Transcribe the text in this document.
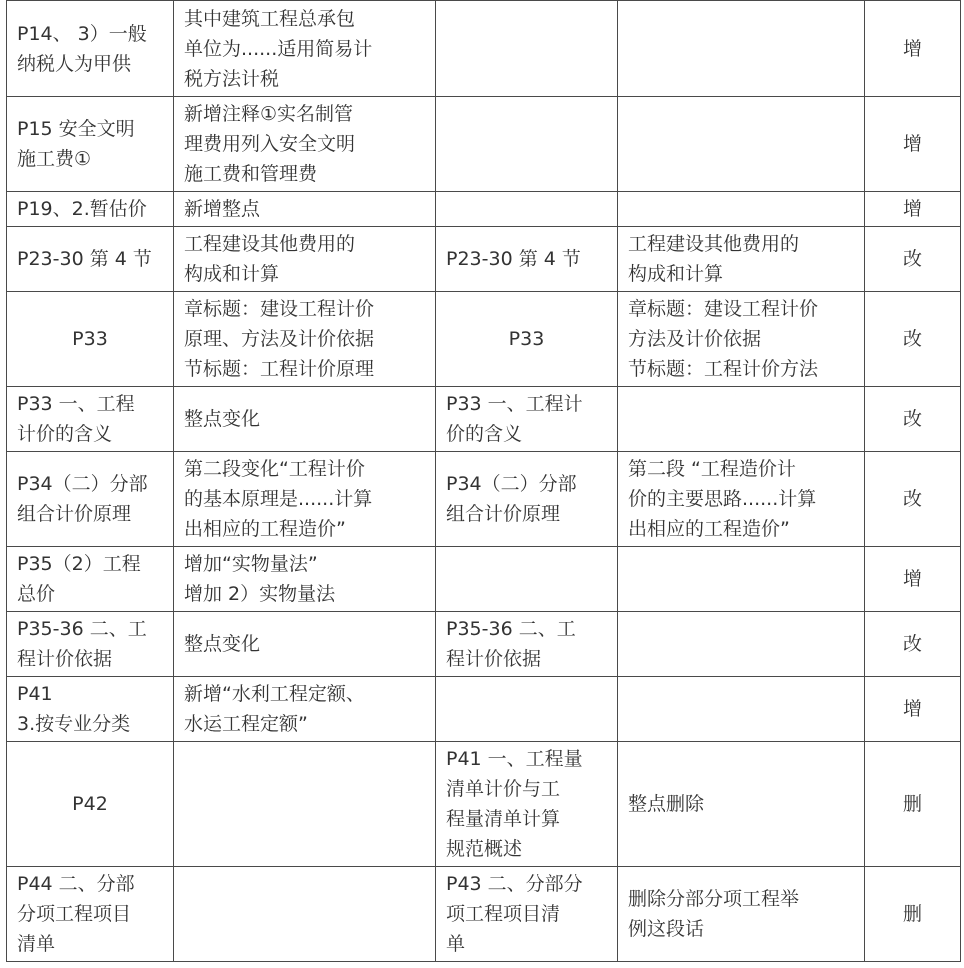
P14、 3）一般
纳税人为甲供	其中建筑工程总承包
单位为......适用简易计
税方法计税			增

P15 安全文明
施工费①	新增注释①实名制管
理费用列入安全文明
施工费和管理费			增

P19、2.暂估价	新增整点			增

P23-30 第 4 节	工程建设其他费用的
构成和计算	P23-30 第 4 节	工程建设其他费用的
构成和计算	改

P33	章标题：建设工程计价
原理、方法及计价依据
节标题：工程计价原理	P33	章标题：建设工程计价
方法及计价依据
节标题：工程计价方法	改

P33 一、工程
计价的含义	整点变化	P33 一、工程计
价的含义		改

P34（二）分部
组合计价原理	第二段变化“工程计价
的基本原理是......计算
出相应的工程造价”	P34（二）分部
组合计价原理	第二段 “工程造价计
价的主要思路......计算
出相应的工程造价”	改

P35（2）工程
总价	增加“实物量法”
增加 2）实物量法			增

P35-36 二、工
程计价依据	整点变化	P35-36 二、工
程计价依据		改

P41
3.按专业分类	新增“水利工程定额、
水运工程定额”			增

P42		P41 一、工程量
清单计价与工
程量清单计算
规范概述	整点删除	删

P44 二、分部
分项工程项目
清单		P43 二、分部分
项工程项目清
单	删除分部分项工程举
例这段话	删
